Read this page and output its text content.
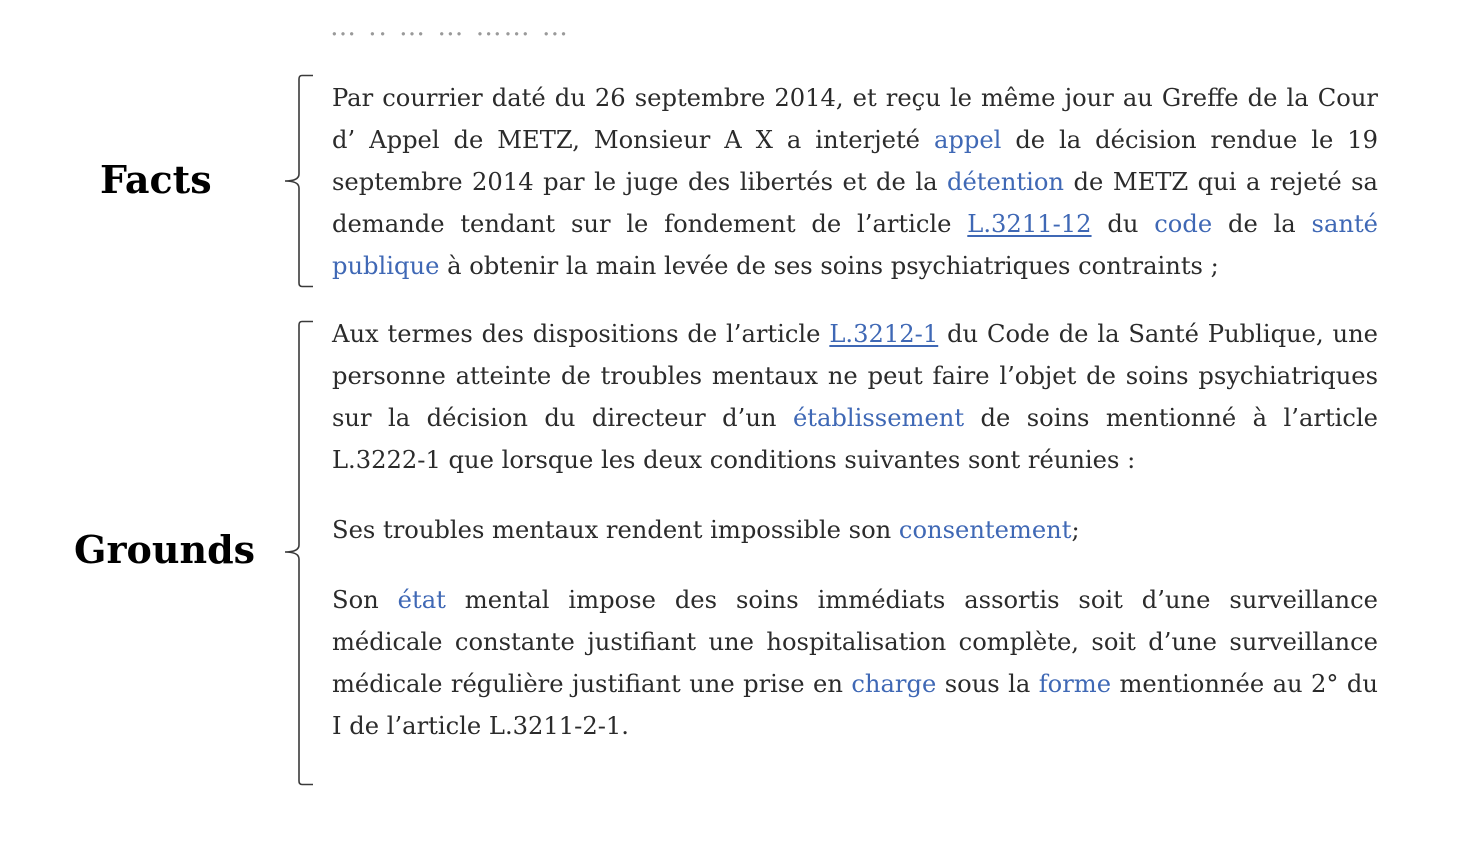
… .. … … …… …
Facts
Grounds

Par courrier daté du 26 septembre 2014, et reçu le même jour au Greffe de la Cour d’ Appel de METZ, Monsieur A X a interjeté appel de la décision rendue le 19 septembre 2014 par le juge des libertés et de la détention de METZ qui a rejeté sa demande tendant sur le fondement de l’article L.3211-12 du code de la santé publique à obtenir la main levée de ses soins psychiatriques contraints ;

Aux termes des dispositions de l’article L.3212-1 du Code de la Santé Publique, une personne atteinte de troubles mentaux ne peut faire l’objet de soins psychiatriques sur la décision du directeur d’un établissement de soins mentionné à l’article L.3222-1 que lorsque les deux conditions suivantes sont réunies :

Ses troubles mentaux rendent impossible son consentement;

Son état mental impose des soins immédiats assortis soit d’une surveillance médicale constante justifiant une hospitalisation complète, soit d’une surveillance médicale régulière justifiant une prise en charge sous la forme mentionnée au 2° du I de l’article L.3211-2-1.
